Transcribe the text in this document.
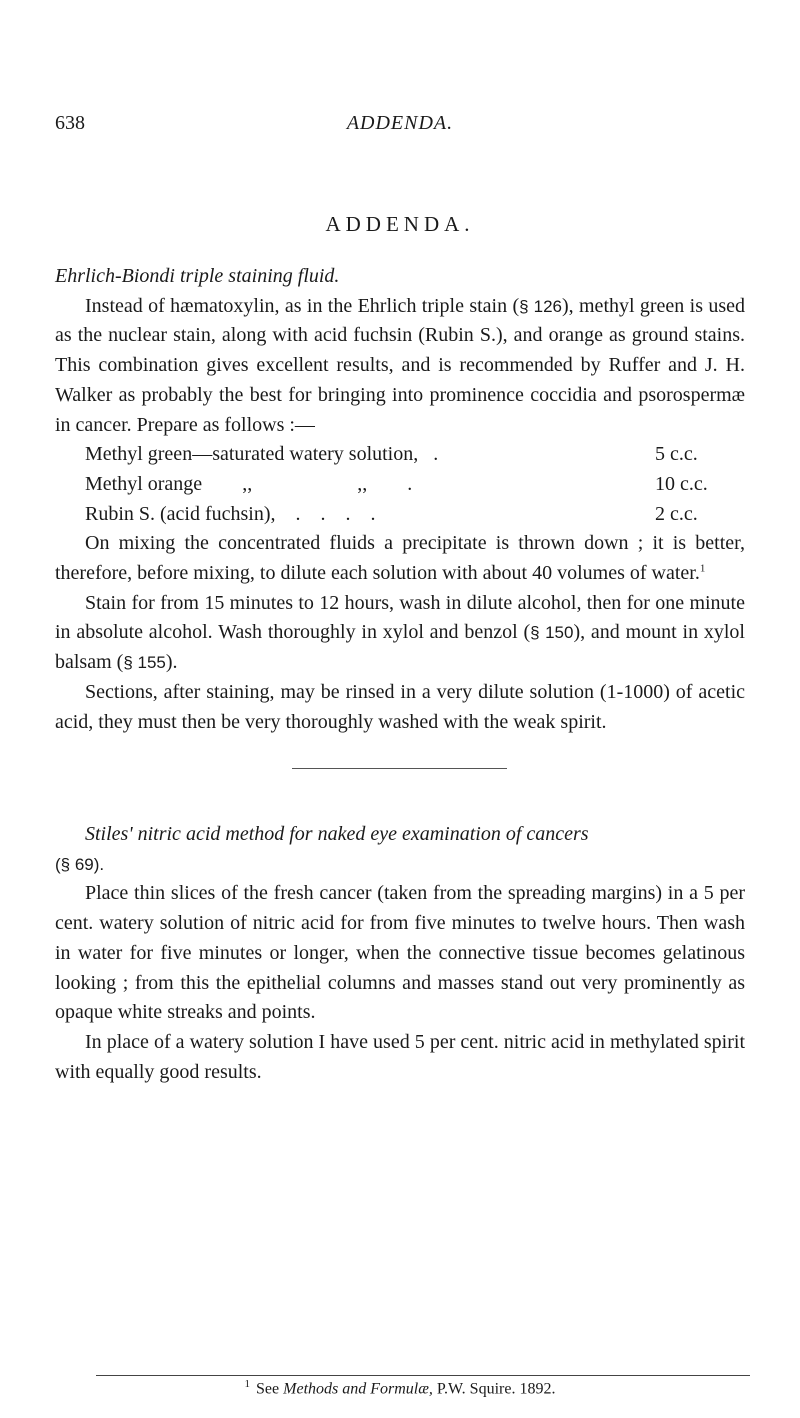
638	ADDENDA.
ADDENDA.

Ehrlich-Biondi triple staining fluid.

Instead of hæmatoxylin, as in the Ehrlich triple stain (§ 126), methyl green is used as the nuclear stain, along with acid fuchsin (Rubin S.), and orange as ground stains. This combination gives excellent results, and is recommended by Ruffer and J. H. Walker as probably the best for bringing into prominence coccidia and psorospermæ in cancer. Prepare as follows :—

Methyl green—saturated watery solution,   .	5 c.c.
Methyl orange        ,,                     ,,        .	10 c.c.
Rubin S. (acid fuchsin),    .    .    .    .	2 c.c.

On mixing the concentrated fluids a precipitate is thrown down ; it is better, therefore, before mixing, to dilute each solution with about 40 volumes of water.$^1$

Stain for from 15 minutes to 12 hours, wash in dilute alcohol, then for one minute in absolute alcohol. Wash thoroughly in xylol and benzol (§ 150), and mount in xylol balsam (§ 155).

Sections, after staining, may be rinsed in a very dilute solution (1-1000) of acetic acid, they must then be very thoroughly washed with the weak spirit.

Stiles' nitric acid method for naked eye examination of cancers

(§ 69).

Place thin slices of the fresh cancer (taken from the spreading margins) in a 5 per cent. watery solution of nitric acid for from five minutes to twelve hours. Then wash in water for five minutes or longer, when the connective tissue becomes gelatinous looking ; from this the epithelial columns and masses stand out very prominently as opaque white streaks and points.

In place of a watery solution I have used 5 per cent. nitric acid in methylated spirit with equally good results.

$^1$ See Methods and Formulæ, P.W. Squire. 1892.
